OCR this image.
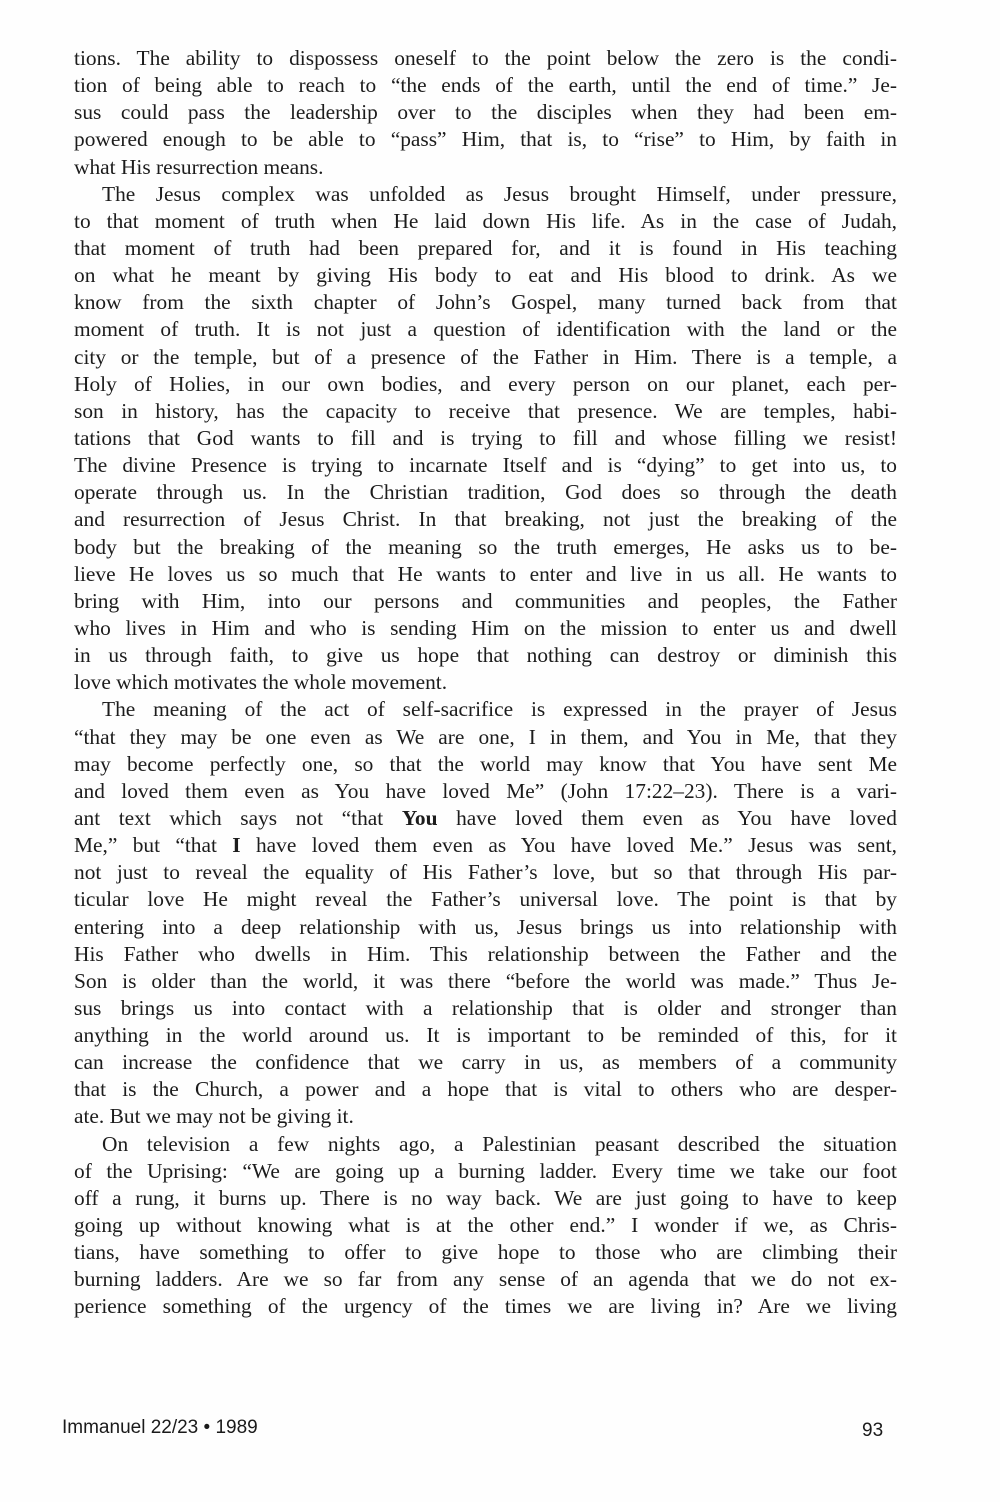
tions. The ability to dispossess oneself to the point below the zero is the condi-
tion of being able to reach to “the ends of the earth, until the end of time.” Je-
sus could pass the leadership over to the disciples when they had been em-
powered enough to be able to “pass” Him, that is, to “rise” to Him, by faith in
what His resurrection means.
The Jesus complex was unfolded as Jesus brought Himself, under pressure,
to that moment of truth when He laid down His life. As in the case of Judah,
that moment of truth had been prepared for, and it is found in His teaching
on what he meant by giving His body to eat and His blood to drink. As we
know from the sixth chapter of John’s Gospel, many turned back from that
moment of truth. It is not just a question of identification with the land or the
city or the temple, but of a presence of the Father in Him. There is a temple, a
Holy of Holies, in our own bodies, and every person on our planet, each per-
son in history, has the capacity to receive that presence. We are temples, habi-
tations that God wants to fill and is trying to fill and whose filling we resist!
The divine Presence is trying to incarnate Itself and is “dying” to get into us, to
operate through us. In the Christian tradition, God does so through the death
and resurrection of Jesus Christ. In that breaking, not just the breaking of the
body but the breaking of the meaning so the truth emerges, He asks us to be-
lieve He loves us so much that He wants to enter and live in us all. He wants to
bring with Him, into our persons and communities and peoples, the Father
who lives in Him and who is sending Him on the mission to enter us and dwell
in us through faith, to give us hope that nothing can destroy or diminish this
love which motivates the whole movement.
The meaning of the act of self-sacrifice is expressed in the prayer of Jesus
“that they may be one even as We are one, I in them, and You in Me, that they
may become perfectly one, so that the world may know that You have sent Me
and loved them even as You have loved Me” (John 17:22–23). There is a vari-
ant text which says not “that You have loved them even as You have loved
Me,” but “that I have loved them even as You have loved Me.” Jesus was sent,
not just to reveal the equality of His Father’s love, but so that through His par-
ticular love He might reveal the Father’s universal love. The point is that by
entering into a deep relationship with us, Jesus brings us into relationship with
His Father who dwells in Him. This relationship between the Father and the
Son is older than the world, it was there “before the world was made.” Thus Je-
sus brings us into contact with a relationship that is older and stronger than
anything in the world around us. It is important to be reminded of this, for it
can increase the confidence that we carry in us, as members of a community
that is the Church, a power and a hope that is vital to others who are desper-
ate. But we may not be giving it.
On television a few nights ago, a Palestinian peasant described the situation
of the Uprising: “We are going up a burning ladder. Every time we take our foot
off a rung, it burns up. There is no way back. We are just going to have to keep
going up without knowing what is at the other end.” I wonder if we, as Chris-
tians, have something to offer to give hope to those who are climbing their
burning ladders. Are we so far from any sense of an agenda that we do not ex-
perience something of the urgency of the times we are living in? Are we living
Immanuel 22/23 • 1989	93
